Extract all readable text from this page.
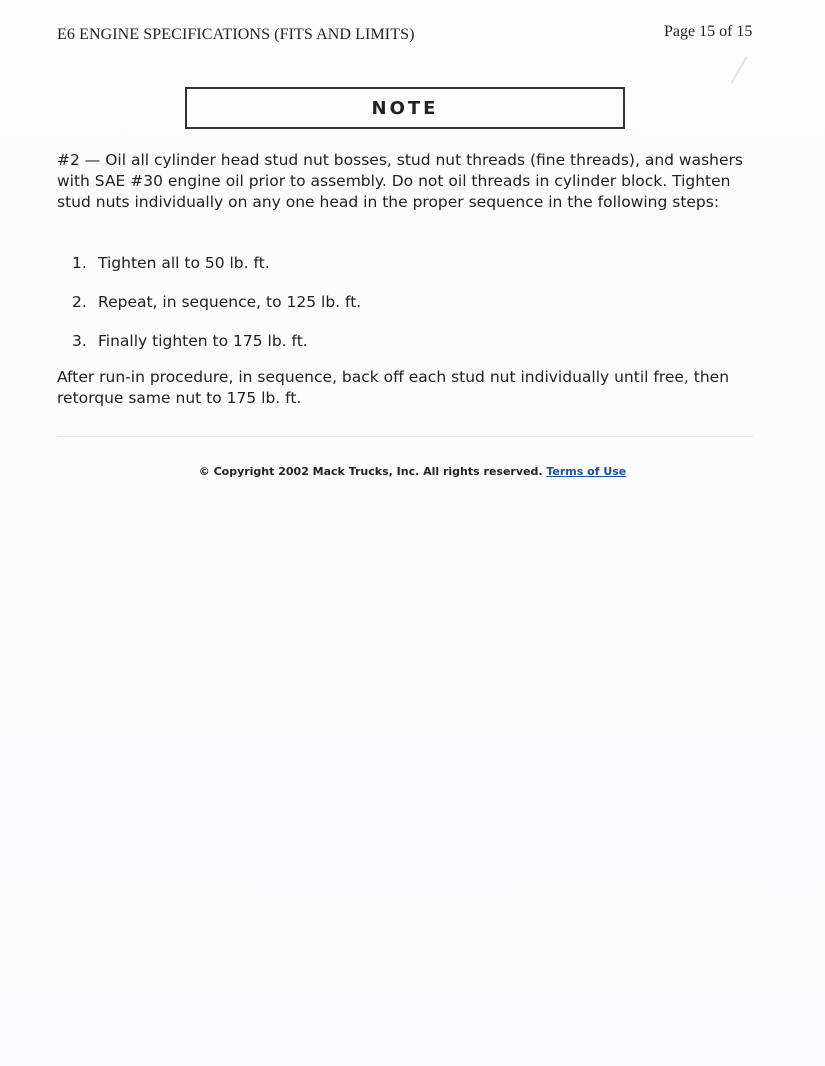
E6 ENGINE SPECIFICATIONS (FITS AND LIMITS)	Page 15 of 15
NOTE

#2 — Oil all cylinder head stud nut bosses, stud nut threads (fine threads), and washers with SAE #30 engine oil prior to assembly. Do not oil threads in cylinder block. Tighten stud nuts individually on any one head in the proper sequence in the following steps:

1. Tighten all to 50 lb. ft.
2. Repeat, in sequence, to 125 lb. ft.
3. Finally tighten to 175 lb. ft.

After run-in procedure, in sequence, back off each stud nut individually until free, then retorque same nut to 175 lb. ft.

© Copyright 2002 Mack Trucks, Inc. All rights reserved. Terms of Use
